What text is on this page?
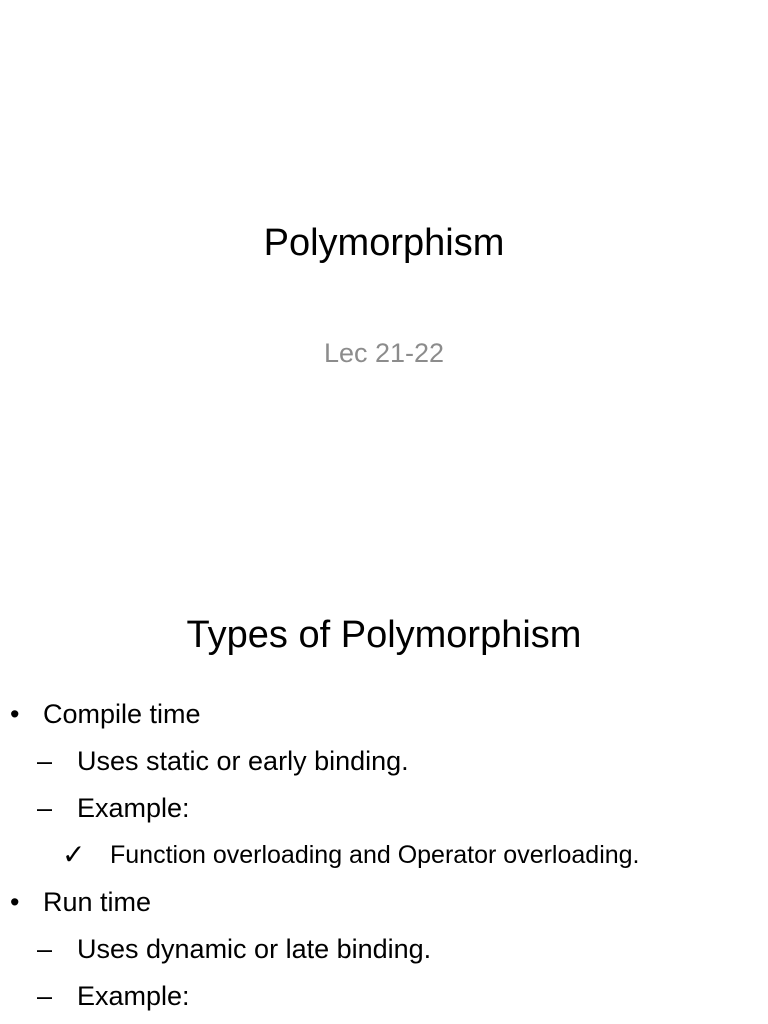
Polymorphism
Lec 21-22
Types of Polymorphism
• Compile time
– Uses static or early binding.
– Example:
✓ Function overloading and Operator overloading.
• Run time
– Uses dynamic or late binding.
– Example:
